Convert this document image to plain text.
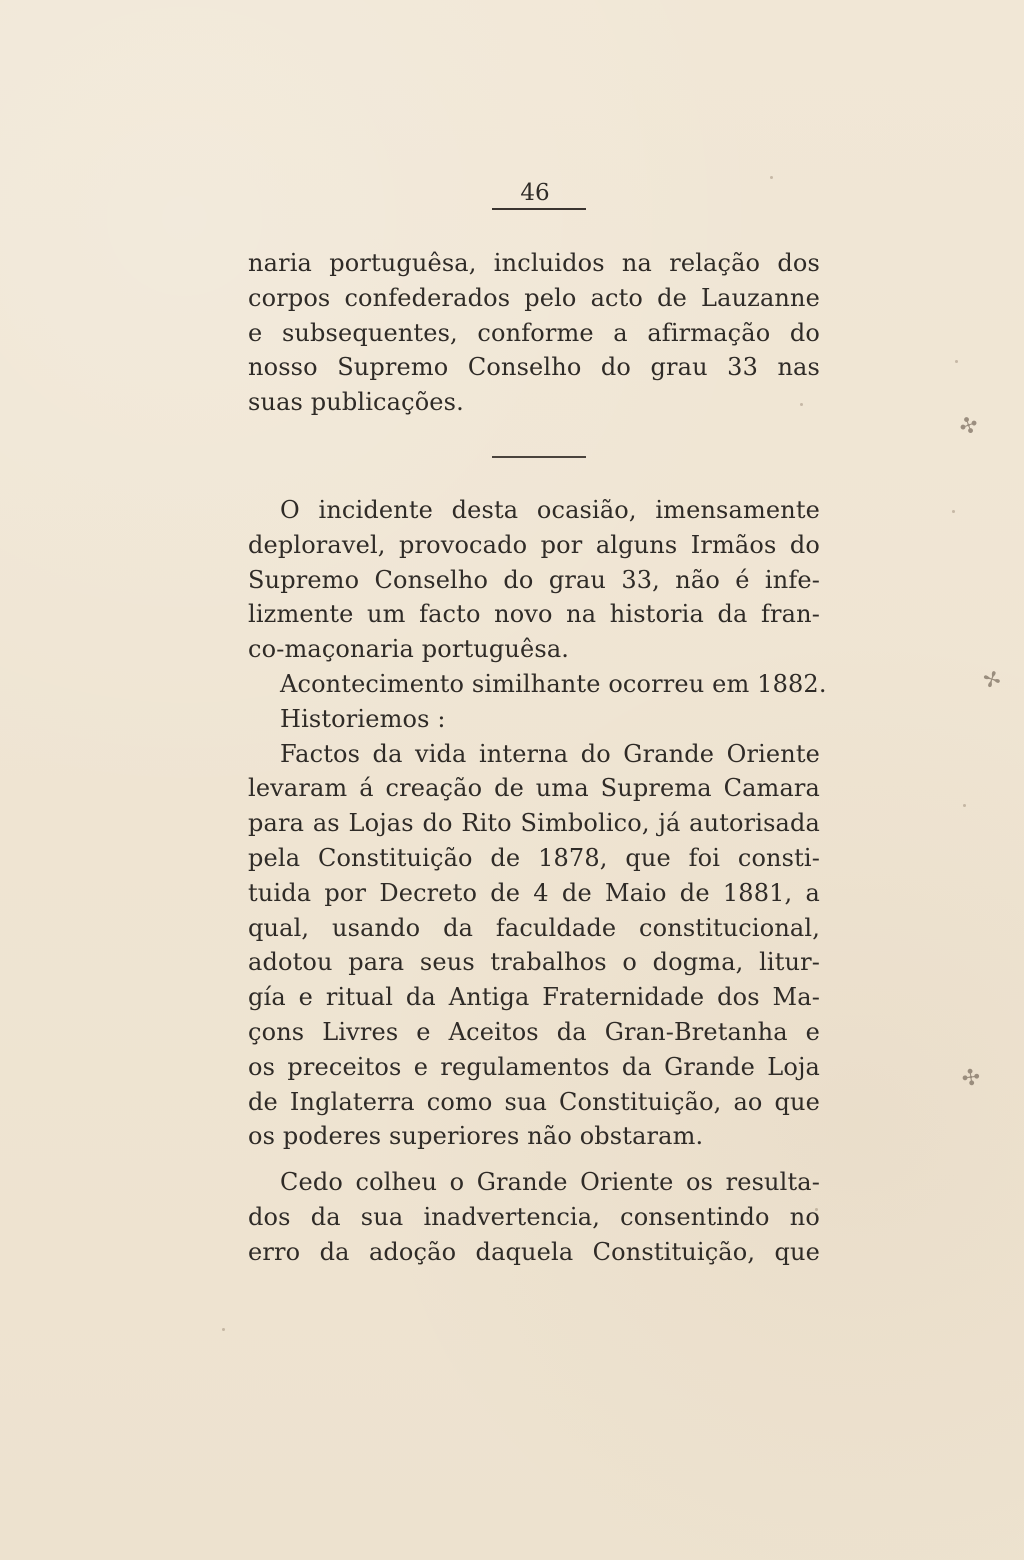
46
naria portuguêsa, incluidos na relação dos
corpos confederados pelo acto de Lauzanne
e subsequentes, conforme a afirmação do
nosso Supremo Conselho do grau 33 nas
suas publicações.
O incidente desta ocasião, imensamente
deploravel, provocado por alguns Irmãos do
Supremo Conselho do grau 33, não é infe-
lizmente um facto novo na historia da fran-
co-maçonaria portuguêsa.
Acontecimento similhante ocorreu em 1882.
Historiemos :
Factos da vida interna do Grande Oriente
levaram á creação de uma Suprema Camara
para as Lojas do Rito Simbolico, já autorisada
pela Constituição de 1878, que foi consti-
tuida por Decreto de 4 de Maio de 1881, a
qual, usando da faculdade constitucional,
adotou para seus trabalhos o dogma, litur-
gía e ritual da Antiga Fraternidade dos Ma-
çons Livres e Aceitos da Gran-Bretanha e
os preceitos e regulamentos da Grande Loja
de Inglaterra como sua Constituição, ao que
os poderes superiores não obstaram.
Cedo colheu o Grande Oriente os resulta-
dos da sua inadvertencia, consentindo no
erro da adoção daquela Constituição, que
✣
✢
✣
